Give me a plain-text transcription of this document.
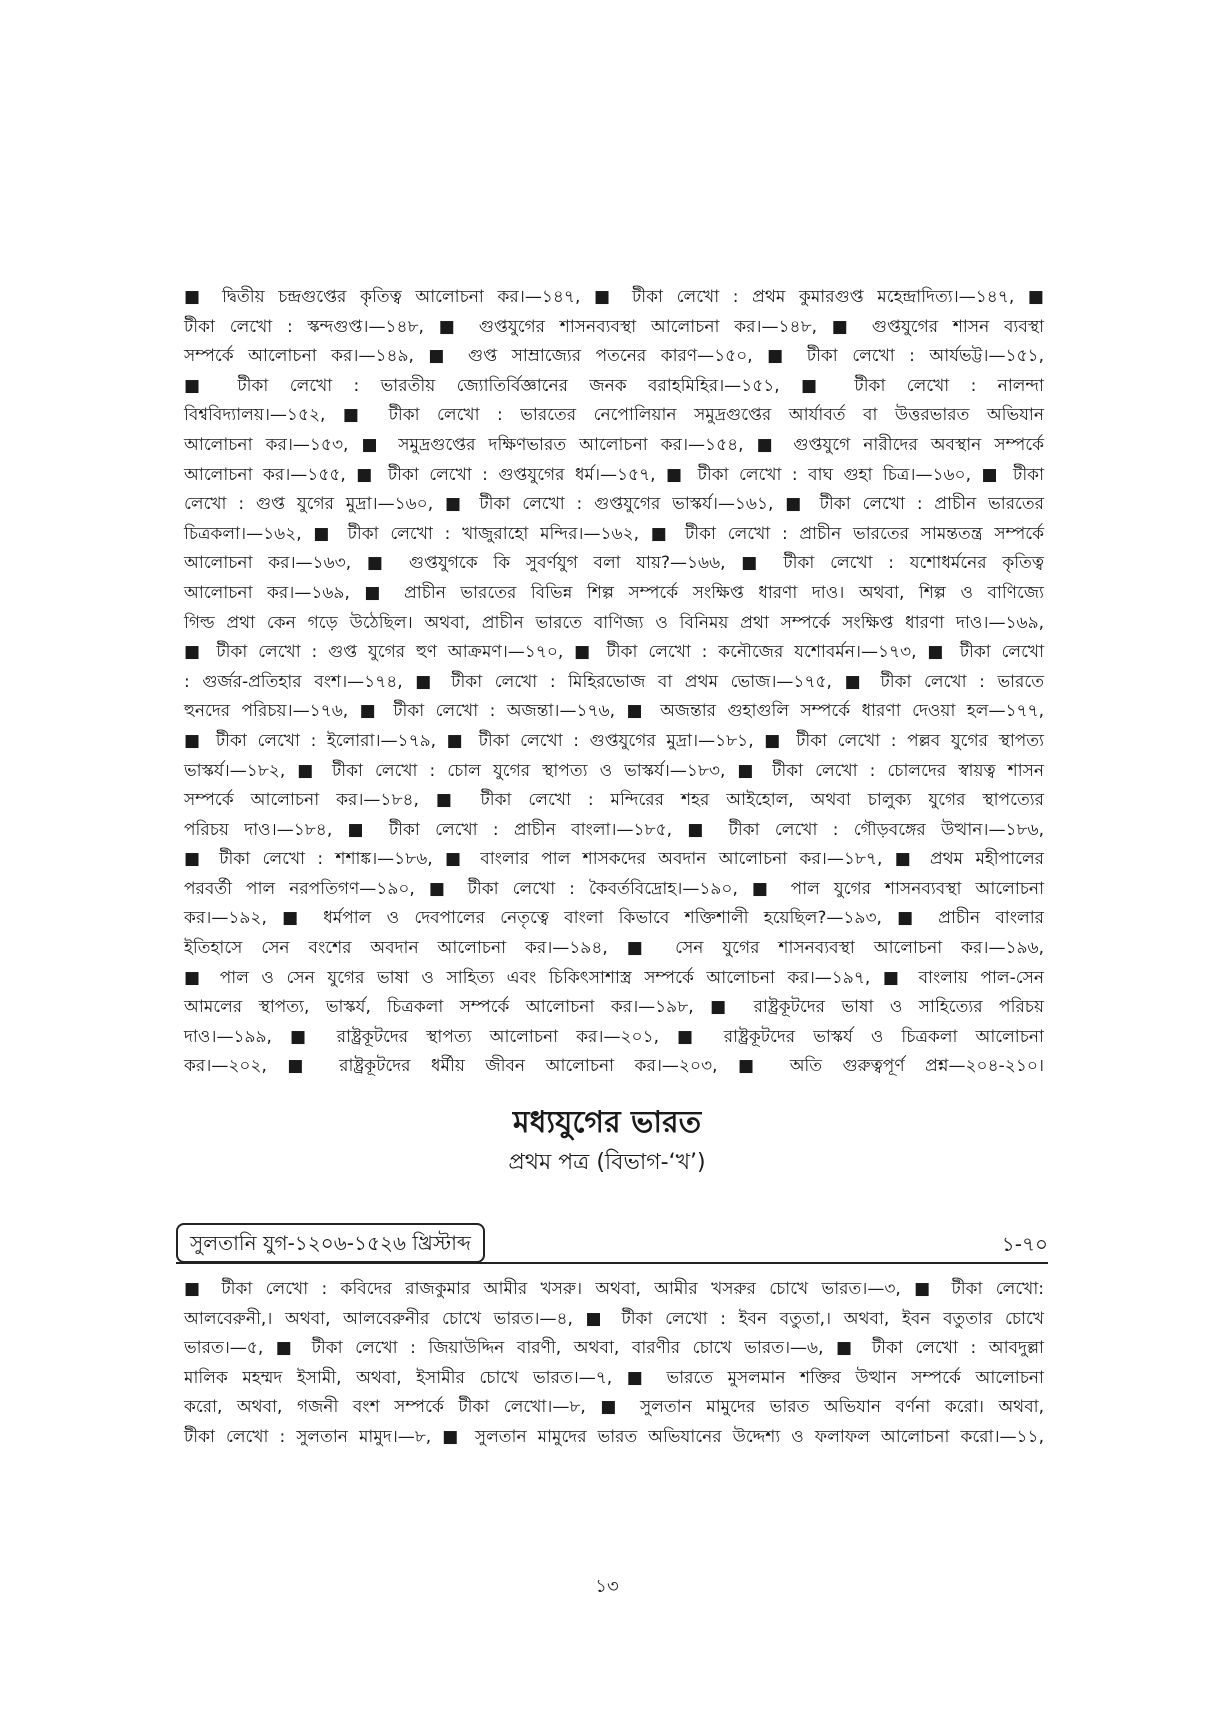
■ দ্বিতীয় চন্দ্রগুপ্তের কৃতিত্ব আলোচনা কর।—১৪৭, ■ টীকা লেখো : প্রথম কুমারগুপ্ত মহেন্দ্রাদিত্য।—১৪৭, ■
টীকা লেখো : স্কন্দগুপ্ত।—১৪৮, ■ গুপ্তযুগের শাসনব্যবস্থা আলোচনা কর।—১৪৮, ■ গুপ্তযুগের শাসন ব্যবস্থা
সম্পর্কে আলোচনা কর।—১৪৯, ■ গুপ্ত সাম্রাজ্যের পতনের কারণ—১৫০, ■ টীকা লেখো : আর্যভট্ট।—১৫১,
■ টীকা লেখো : ভারতীয় জ্যোতির্বিজ্ঞানের জনক বরাহমিহির।—১৫১, ■ টীকা লেখো : নালন্দা
বিশ্ববিদ্যালয়।—১৫২, ■ টীকা লেখো : ভারতের নেপোলিয়ান সমুদ্রগুপ্তের আর্যাবর্ত বা উত্তরভারত অভিযান
আলোচনা কর।—১৫৩, ■ সমুদ্রগুপ্তের দক্ষিণভারত আলোচনা কর।—১৫৪, ■ গুপ্তযুগে নারীদের অবস্থান সম্পর্কে
আলোচনা কর।—১৫৫, ■ টীকা লেখো : গুপ্তযুগের ধর্ম।—১৫৭, ■ টীকা লেখো : বাঘ গুহা চিত্র।—১৬০, ■ টীকা
লেখো : গুপ্ত যুগের মুদ্রা।—১৬০, ■ টীকা লেখো : গুপ্তযুগের ভাস্কর্য।—১৬১, ■ টীকা লেখো : প্রাচীন ভারতের
চিত্রকলা।—১৬২, ■ টীকা লেখো : খাজুরাহো মন্দির।—১৬২, ■ টীকা লেখো : প্রাচীন ভারতের সামন্ততন্ত্র সম্পর্কে
আলোচনা কর।—১৬৩, ■ গুপ্তযুগকে কি সুবর্ণযুগ বলা যায়?—১৬৬, ■ টীকা লেখো : যশোধর্মনের কৃতিত্ব
আলোচনা কর।—১৬৯, ■ প্রাচীন ভারতের বিভিন্ন শিল্প সম্পর্কে সংক্ষিপ্ত ধারণা দাও। অথবা, শিল্প ও বাণিজ্যে
গিল্ড প্রথা কেন গড়ে উঠেছিল। অথবা, প্রাচীন ভারতে বাণিজ্য ও বিনিময় প্রথা সম্পর্কে সংক্ষিপ্ত ধারণা দাও।—১৬৯,
■ টীকা লেখো : গুপ্ত যুগের হুণ আক্রমণ।—১৭০, ■ টীকা লেখো : কনৌজের যশোবর্মন।—১৭৩, ■ টীকা লেখো
: গুর্জর-প্রতিহার বংশ।—১৭৪, ■ টীকা লেখো : মিহিরভোজ বা প্রথম ভোজ।—১৭৫, ■ টীকা লেখো : ভারতে
হুনদের পরিচয়।—১৭৬, ■ টীকা লেখো : অজন্তা।—১৭৬, ■ অজন্তার গুহাগুলি সম্পর্কে ধারণা দেওয়া হল—১৭৭,
■ টীকা লেখো : ইলোরা।—১৭৯, ■ টীকা লেখো : গুপ্তযুগের মুদ্রা।—১৮১, ■ টীকা লেখো : পল্লব যুগের স্থাপত্য
ভাস্কর্য।—১৮২, ■ টীকা লেখো : চোল যুগের স্থাপত্য ও ভাস্কর্য।—১৮৩, ■ টীকা লেখো : চোলদের স্বায়ত্ব শাসন
সম্পর্কে আলোচনা কর।—১৮৪, ■ টীকা লেখো : মন্দিরের শহর আইহোল, অথবা চালুক্য যুগের স্থাপত্যের
পরিচয় দাও।—১৮৪, ■ টীকা লেখো : প্রাচীন বাংলা।—১৮৫, ■ টীকা লেখো : গৌড়বঙ্গের উত্থান।—১৮৬,
■ টীকা লেখো : শশাঙ্ক।—১৮৬, ■ বাংলার পাল শাসকদের অবদান আলোচনা কর।—১৮৭, ■ প্রথম মহীপালের
পরবর্তী পাল নরপতিগণ—১৯০, ■ টীকা লেখো : কৈবর্তবিদ্রোহ।—১৯০, ■ পাল যুগের শাসনব্যবস্থা আলোচনা
কর।—১৯২, ■ ধর্মপাল ও দেবপালের নেতৃত্বে বাংলা কিভাবে শক্তিশালী হয়েছিল?—১৯৩, ■ প্রাচীন বাংলার
ইতিহাসে সেন বংশের অবদান আলোচনা কর।—১৯৪, ■ সেন যুগের শাসনব্যবস্থা আলোচনা কর।—১৯৬,
■ পাল ও সেন যুগের ভাষা ও সাহিত্য এবং চিকিৎসাশাস্ত্র সম্পর্কে আলোচনা কর।—১৯৭, ■ বাংলায় পাল-সেন
আমলের স্থাপত্য, ভাস্কর্য, চিত্রকলা সম্পর্কে আলোচনা কর।—১৯৮, ■ রাষ্ট্রকূটদের ভাষা ও সাহিত্যের পরিচয়
দাও।—১৯৯, ■ রাষ্ট্রকূটদের স্থাপত্য আলোচনা কর।—২০১, ■ রাষ্ট্রকূটদের ভাস্কর্য ও চিত্রকলা আলোচনা
কর।—২০২, ■ রাষ্ট্রকূটদের ধর্মীয় জীবন আলোচনা কর।—২০৩, ■ অতি গুরুত্বপূর্ণ প্রশ্ন—২০৪-২১০।
মধ্যযুগের ভারত
প্রথম পত্র (বিভাগ-‘খ’)
সুলতানি যুগ-১২০৬-১৫২৬ খ্রিস্টাব্দ	১-৭০
■ টীকা লেখো : কবিদের রাজকুমার আমীর খসরু। অথবা, আমীর খসরুর চোখে ভারত।—৩, ■ টীকা লেখো:
আলবেরুনী,। অথবা, আলবেরুনীর চোখে ভারত।—৪, ■ টীকা লেখো : ইবন বতুতা,। অথবা, ইবন বতুতার চোখে
ভারত।—৫, ■ টীকা লেখো : জিয়াউদ্দিন বারণী, অথবা, বারণীর চোখে ভারত।—৬, ■ টীকা লেখো : আবদুল্লা
মালিক মহম্মদ ইসামী, অথবা, ইসামীর চোখে ভারত।—৭, ■ ভারতে মুসলমান শক্তির উত্থান সম্পর্কে আলোচনা
করো, অথবা, গজনী বংশ সম্পর্কে টীকা লেখো।—৮, ■ সুলতান মামুদের ভারত অভিযান বর্ণনা করো। অথবা,
টীকা লেখো : সুলতান মামুদ।—৮, ■ সুলতান মামুদের ভারত অভিযানের উদ্দেশ্য ও ফলাফল আলোচনা করো।—১১,
১৩
